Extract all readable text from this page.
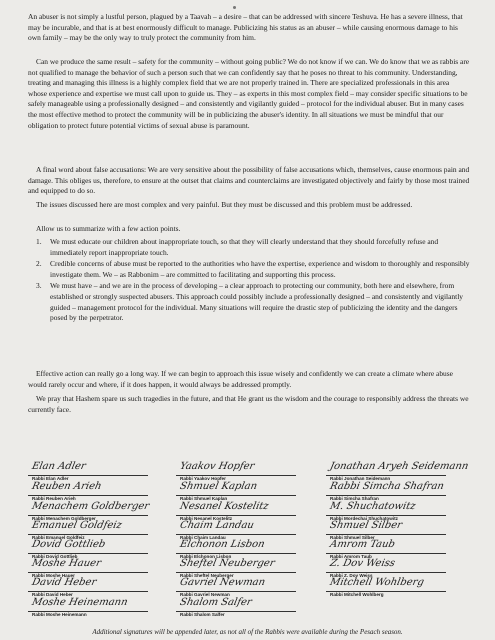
An abuser is not simply a lustful person, plagued by a Taavah – a desire – that can be addressed with sincere Teshuva. He has a severe illness, that may be incurable, and that is at best enormously difficult to manage. Publicizing his status as an abuser – while causing enormous damage to his own family – may be the only way to truly protect the community from him.

Can we produce the same result – safety for the community – without going public? We do not know if we can. We do know that we as rabbis are not qualified to manage the behavior of such a person such that we can confidently say that he poses no threat to his community. Understanding, treating and managing this illness is a highly complex field that we are not properly trained in. There are specialized professionals in this area whose experience and expertise we must call upon to guide us. They – as experts in this most complex field – may consider specific situations to be safely manageable using a professionally designed – and consistently and vigilantly guided – protocol for the individual abuser. But in many cases the most effective method to protect the community will be in publicizing the abuser's identity. In all situations we must be mindful that our obligation to protect future potential victims of sexual abuse is paramount.

A final word about false accusations: We are very sensitive about the possibility of false accusations which, themselves, cause enormous pain and damage. This obliges us, therefore, to ensure at the outset that claims and counterclaims are investigated objectively and fairly by those most trained and equipped to do so.

The issues discussed here are most complex and very painful. But they must be discussed and this problem must be addressed.

Allow us to summarize with a few action points.

1. We must educate our children about inappropriate touch, so that they will clearly understand that they should forcefully refuse and immediately report inappropriate touch.
2. Credible concerns of abuse must be reported to the authorities who have the expertise, experience and wisdom to thoroughly and responsibly investigate them. We – as Rabbonim – are committed to facilitating and supporting this process.
3. We must have – and we are in the process of developing – a clear approach to protecting our community, both here and elsewhere, from established or strongly suspected abusers. This approach could possibly include a professionally designed – and consistently and vigilantly guided – management protocol for the individual. Many situations will require the drastic step of publicizing the identity and the dangers posed by the perpetrator.

Effective action can really go a long way. If we can begin to approach this issue wisely and confidently we can create a climate where abuse would rarely occur and where, if it does happen, it would always be addressed promptly.

We pray that Hashem spare us such tragedies in the future, and that He grant us the wisdom and the courage to responsibly address the threats we currently face.

Elan Adler
Rabbi Elan Adler
Yaakov Hopfer
Rabbi Yaakov Hopfer
Jonathan Aryeh Seidemann
Rabbi Jonathan Seidemann
Reuben Arieh
Rabbi Reuben Arieh
Shmuel Kaplan
Rabbi Shmuel Kaplan
Rabbi Simcha Shafran
Rabbi Simcha Shafran
Menachem Goldberger
Rabbi Menachem Goldberger
Nesanel Kostelitz
Rabbi Nesanel Kostelitz
M. Shuchatowitz
Rabbi Mordechai Shuchatowitz
Emanuel Goldfeiz
Rabbi Emanuel Goldfeiz
Chaim Landau
Rabbi Chaim Landau
Shmuel Silber
Rabbi Shmuel Silber
Dovid Gottlieb
Rabbi Dovid Gottlieb
Elchonon Lisbon
Rabbi Elchonon Lisbon
Amrom Taub
Rabbi Amrom Taub
Moshe Hauer
Rabbi Moshe Hauer
Sheftel Neuberger
Rabbi Sheftel Neuberger
Z. Dov Weiss
Rabbi Z. Dov Weiss
David Heber
Rabbi David Heber
Gavriel Newman
Rabbi Gavriel Newman
Mitchell Wohlberg
Rabbi Mitchell Wohlberg
Moshe Heinemann
Rabbi Moshe Heinemann
Shalom Salfer
Rabbi Shalom Salfer
Additional signatures will be appended later, as not all of the Rabbis were available during the Pesach season.
